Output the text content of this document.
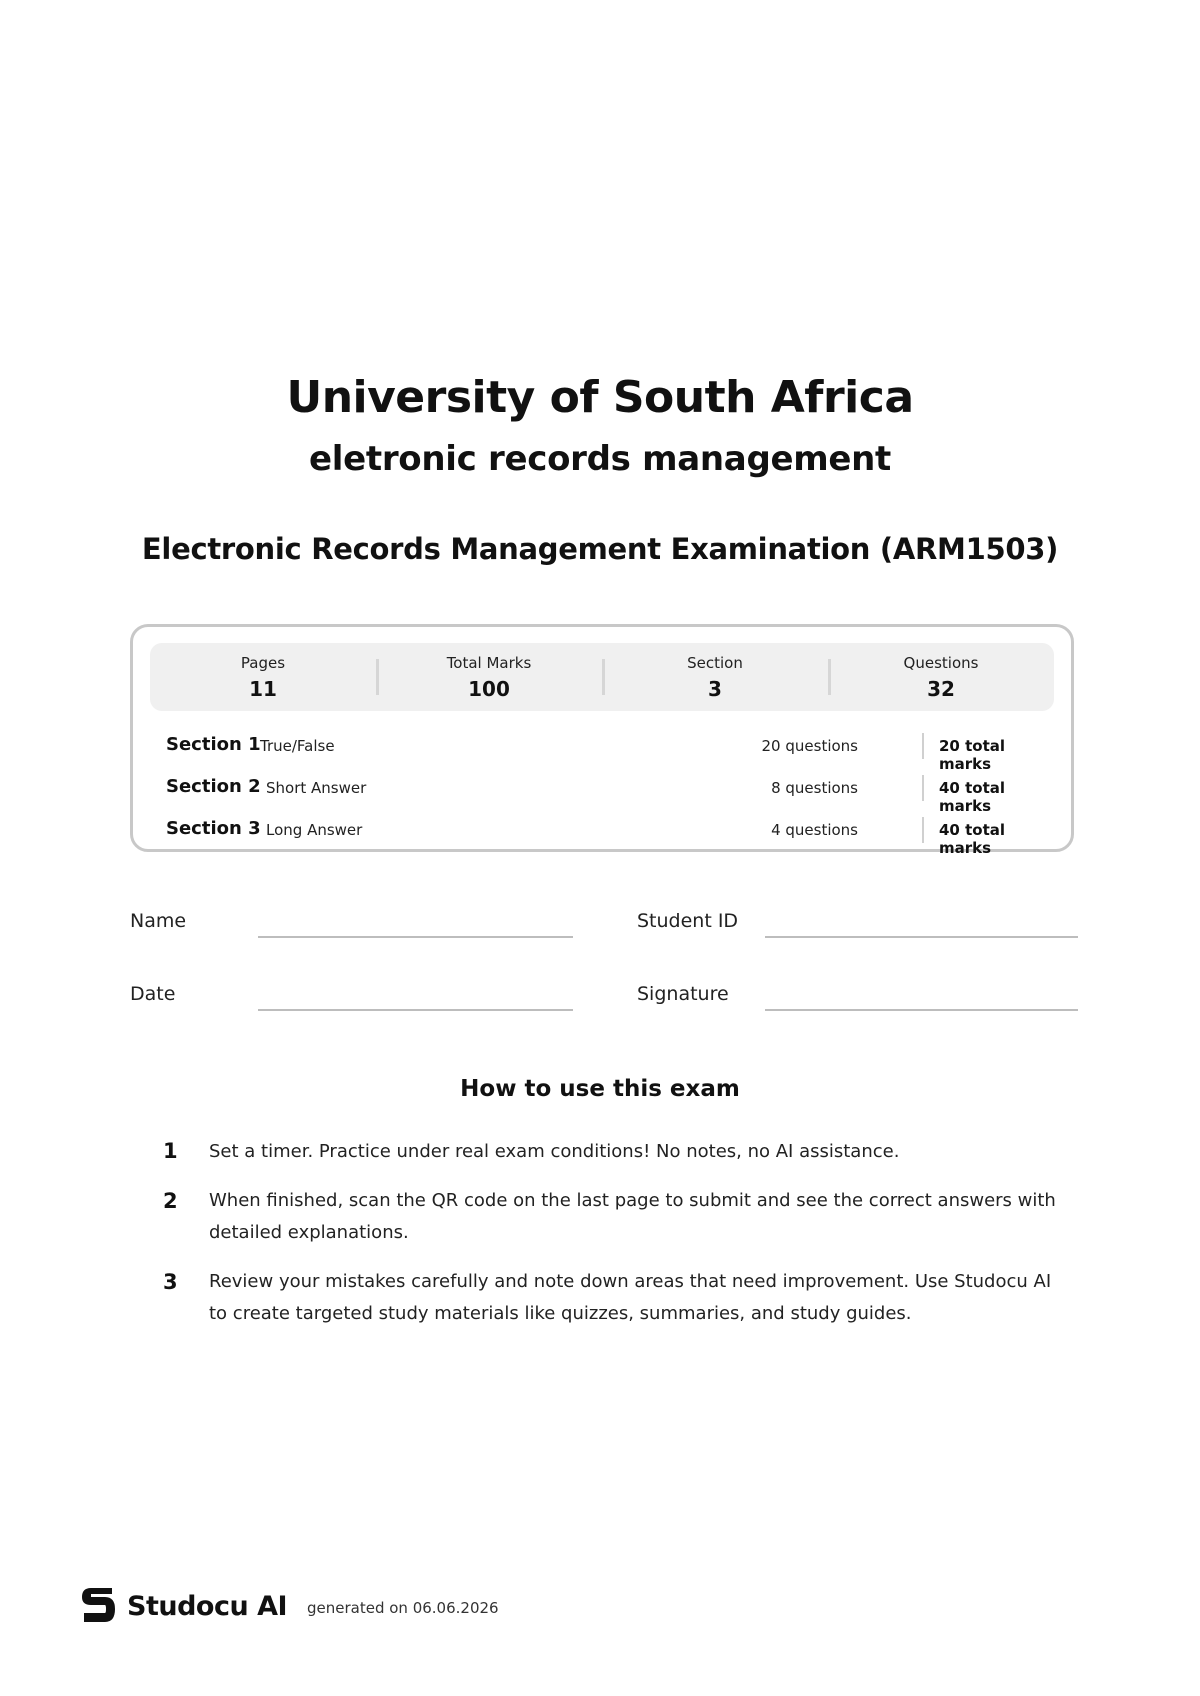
University of South Africa
eletronic records management
Electronic Records Management Examination (ARM1503)
Pages
11
Total Marks
100
Section
3
Questions
32
Section 1 True/False	20 questions	20 total marks
Section 2 Short Answer	8 questions	40 total marks
Section 3 Long Answer	4 questions	40 total marks
Name	Student ID
Date	Signature
How to use this exam
1 Set a timer. Practice under real exam conditions! No notes, no AI assistance.
2 When finished, scan the QR code on the last page to submit and see the correct answers with detailed explanations.
3 Review your mistakes carefully and note down areas that need improvement. Use Studocu AI to create targeted study materials like quizzes, summaries, and study guides.
Studocu AI generated on 06.06.2026
